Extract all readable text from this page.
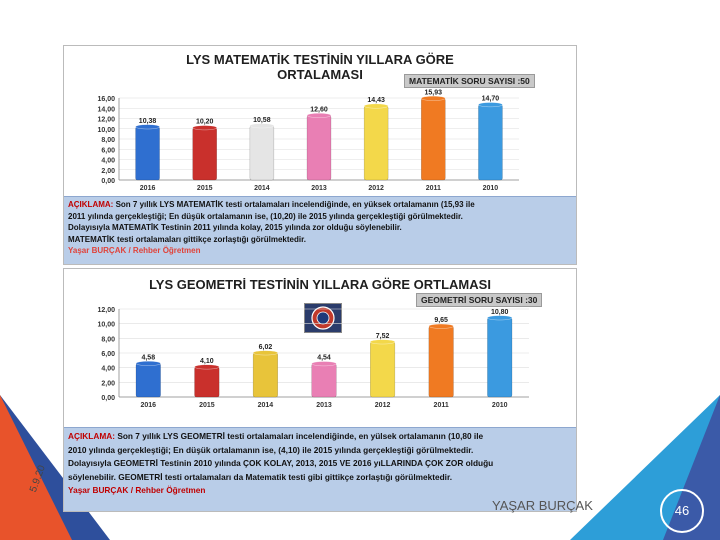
LYS MATEMATİK TESTİNİN YILLARA GÖRE
ORTALAMASI	MATEMATİK SORU SAYISI :50
0,00
2,00
4,00
6,00
8,00
10,00
12,00
14,00
16,00
10,38
2016
10,20
2015
10,58
2014
12,60
2013
14,43
2012
15,93
2011
14,70
2010
AÇIKLAMA: Son 7 yıllık LYS MATEMATİK testi ortalamaları incelendiğinde, en yüksek ortalamanın (15,93 ile
2011 yılında gerçekleştiği; En düşük ortalamanın ise, (10,20) ile 2015 yılında gerçekleştiği görülmektedir.
Dolayısıyla MATEMATİK Testinin 2011 yılında kolay, 2015 yılında zor olduğu söylenebilir.
MATEMATİK testi ortalamaları gittikçe zorlaştığı görülmektedir.
Yaşar BURÇAK / Rehber Öğretmen
LYS GEOMETRİ TESTİNİN YILLARA GÖRE ORTLAMASI
GEOMETRİ SORU SAYISI :30
0,00
2,00
4,00
6,00
8,00
10,00
12,00
4,58
2016
4,10
2015
6,02
2014
4,54
2013
7,52
2012
9,65
2011
10,80
2010
AÇIKLAMA: Son 7 yıllık LYS GEOMETRİ testi ortalamaları incelendiğinde, en yülsek ortalamanın (10,80 ile
2010 yılında gerçekleştiği; En düşük ortalamanın ise, (4,10) ile 2015 yılında gerçekleştiği görülmektedir.
Dolayısıyla GEOMETRİ Testinin 2010 yılında ÇOK KOLAY, 2013, 2015 VE 2016 yıLLARINDA ÇOK ZOR olduğu
söylenebilir. GEOMETRİ testi ortalamaları da Matematik testi gibi gittikçe zorlaştığı görülmektedir.
Yaşar BURÇAK / Rehber Öğretmen
5.9.20
YAŞAR BURÇAK	46
